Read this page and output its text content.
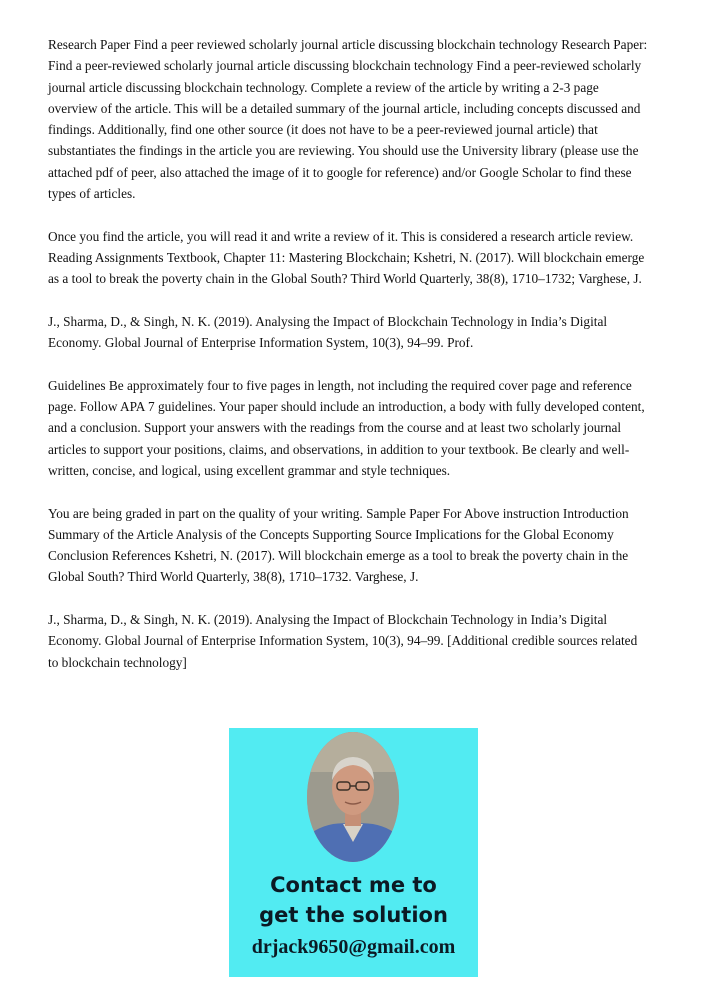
Research Paper Find a peer reviewed scholarly journal article discussing blockchain technology Research Paper: Find a peer-reviewed scholarly journal article discussing blockchain technology Find a peer-reviewed scholarly journal article discussing blockchain technology. Complete a review of the article by writing a 2-3 page overview of the article. This will be a detailed summary of the journal article, including concepts discussed and findings. Additionally, find one other source (it does not have to be a peer-reviewed journal article) that substantiates the findings in the article you are reviewing. You should use the University library (please use the attached pdf of peer, also attached the image of it to google for reference) and/or Google Scholar to find these types of articles.

Once you find the article, you will read it and write a review of it. This is considered a research article review. Reading Assignments Textbook, Chapter 11: Mastering Blockchain; Kshetri, N. (2017). Will blockchain emerge as a tool to break the poverty chain in the Global South? Third World Quarterly, 38(8), 1710–1732; Varghese, J.

J., Sharma, D., & Singh, N. K. (2019). Analysing the Impact of Blockchain Technology in India’s Digital Economy. Global Journal of Enterprise Information System, 10(3), 94–99. Prof.

Guidelines Be approximately four to five pages in length, not including the required cover page and reference page. Follow APA 7 guidelines. Your paper should include an introduction, a body with fully developed content, and a conclusion. Support your answers with the readings from the course and at least two scholarly journal articles to support your positions, claims, and observations, in addition to your textbook. Be clearly and well-written, concise, and logical, using excellent grammar and style techniques.

You are being graded in part on the quality of your writing. Sample Paper For Above instruction Introduction Summary of the Article Analysis of the Concepts Supporting Source Implications for the Global Economy Conclusion References Kshetri, N. (2017). Will blockchain emerge as a tool to break the poverty chain in the Global South? Third World Quarterly, 38(8), 1710–1732. Varghese, J.

J., Sharma, D., & Singh, N. K. (2019). Analysing the Impact of Blockchain Technology in India’s Digital Economy. Global Journal of Enterprise Information System, 10(3), 94–99. [Additional credible sources related to blockchain technology]

Contact me to
get the solution
drjack9650@gmail.com
